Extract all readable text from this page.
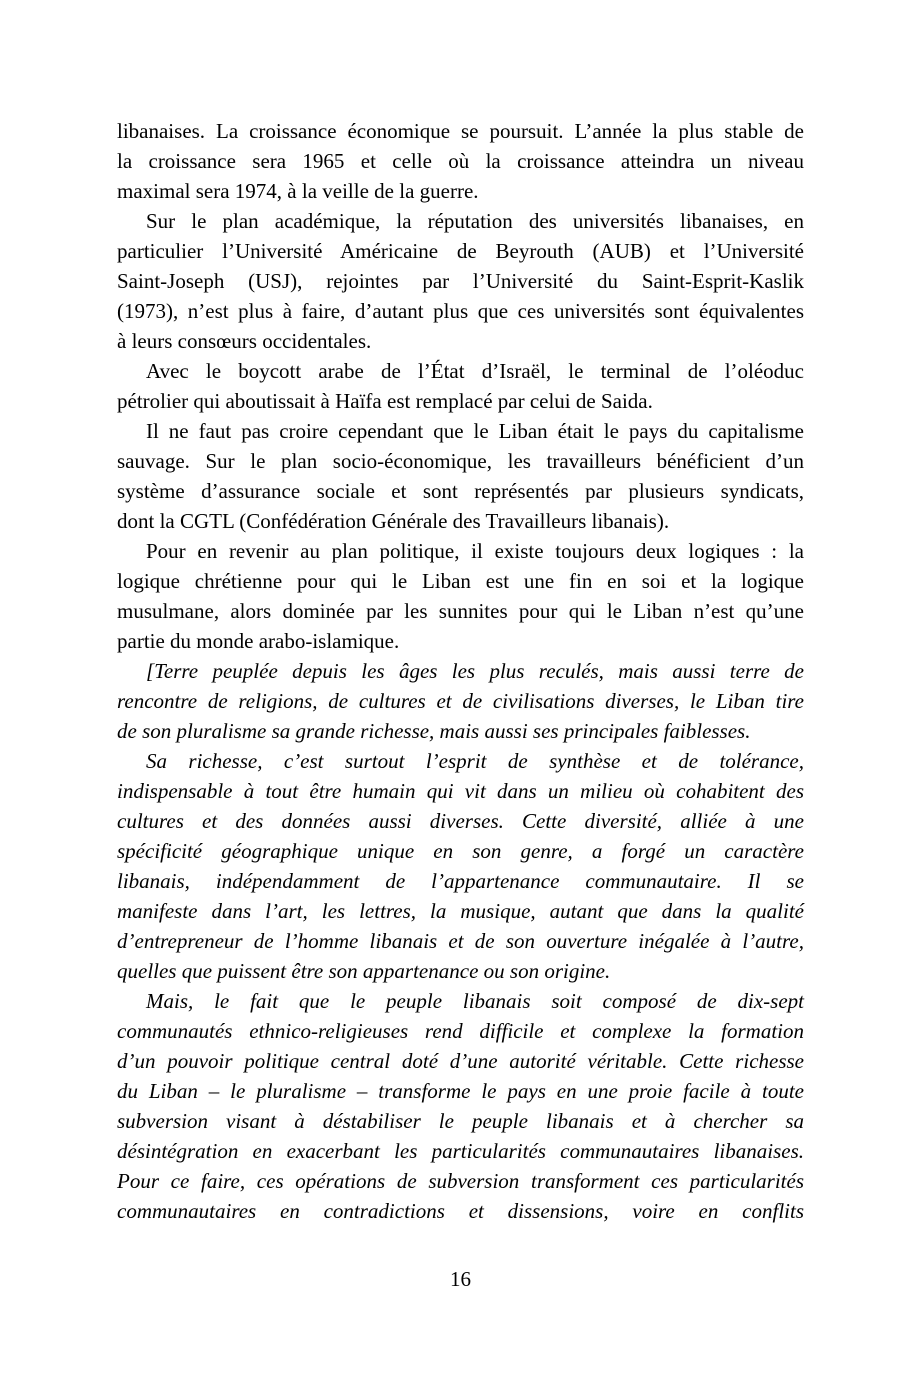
libanaises. La croissance économique se poursuit. L’année la plus stable de
la croissance sera 1965 et celle où la croissance atteindra un niveau
maximal sera 1974, à la veille de la guerre.

Sur le plan académique, la réputation des universités libanaises, en
particulier l’Université Américaine de Beyrouth (AUB) et l’Université
Saint-Joseph (USJ), rejointes par l’Université du Saint-Esprit-Kaslik
(1973), n’est plus à faire, d’autant plus que ces universités sont équivalentes
à leurs consœurs occidentales.

Avec le boycott arabe de l’État d’Israël, le terminal de l’oléoduc
pétrolier qui aboutissait à Haïfa est remplacé par celui de Saida.

Il ne faut pas croire cependant que le Liban était le pays du capitalisme
sauvage. Sur le plan socio-économique, les travailleurs bénéficient d’un
système d’assurance sociale et sont représentés par plusieurs syndicats,
dont la CGTL (Confédération Générale des Travailleurs libanais).

Pour en revenir au plan politique, il existe toujours deux logiques : la
logique chrétienne pour qui le Liban est une fin en soi et la logique
musulmane, alors dominée par les sunnites pour qui le Liban n’est qu’une
partie du monde arabo-islamique.

[Terre peuplée depuis les âges les plus reculés, mais aussi terre de
rencontre de religions, de cultures et de civilisations diverses, le Liban tire
de son pluralisme sa grande richesse, mais aussi ses principales faiblesses.

Sa richesse, c’est surtout l’esprit de synthèse et de tolérance,
indispensable à tout être humain qui vit dans un milieu où cohabitent des
cultures et des données aussi diverses. Cette diversité, alliée à une
spécificité géographique unique en son genre, a forgé un caractère
libanais, indépendamment de l’appartenance communautaire. Il se
manifeste dans l’art, les lettres, la musique, autant que dans la qualité
d’entrepreneur de l’homme libanais et de son ouverture inégalée à l’autre,
quelles que puissent être son appartenance ou son origine.

Mais, le fait que le peuple libanais soit composé de dix-sept
communautés ethnico-religieuses rend difficile et complexe la formation
d’un pouvoir politique central doté d’une autorité véritable. Cette richesse
du Liban – le pluralisme – transforme le pays en une proie facile à toute
subversion visant à déstabiliser le peuple libanais et à chercher sa
désintégration en exacerbant les particularités communautaires libanaises.
Pour ce faire, ces opérations de subversion transforment ces particularités
communautaires en contradictions et dissensions, voire en conflits

16
